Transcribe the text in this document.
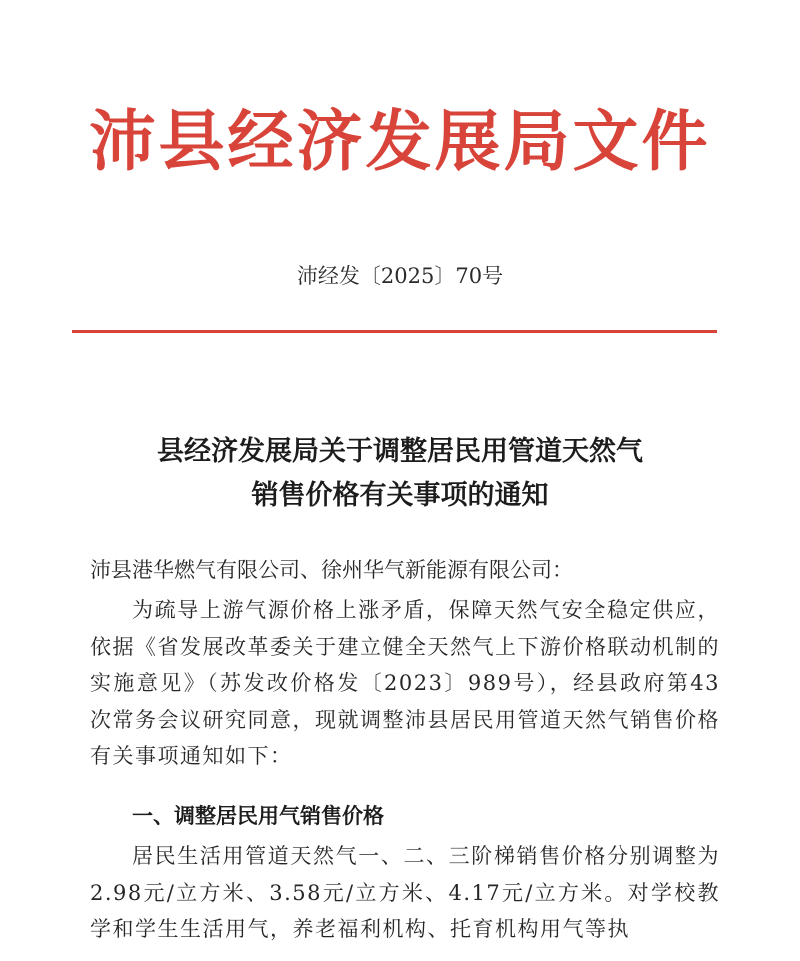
沛县经济发展局文件
沛经发〔2025〕70号
县经济发展局关于调整居民用管道天然气
销售价格有关事项的通知
沛县港华燃气有限公司、徐州华气新能源有限公司：
为疏导上游气源价格上涨矛盾，保障天然气安全稳定供应，依据《省发展改革委关于建立健全天然气上下游价格联动机制的实施意见》（苏发改价格发〔2023〕989号），经县政府第43次常务会议研究同意，现就调整沛县居民用管道天然气销售价格有关事项通知如下：
一、调整居民用气销售价格
居民生活用管道天然气一、二、三阶梯销售价格分别调整为2.98元/立方米、3.58元/立方米、4.17元/立方米。对学校教学和学生生活用气，养老福利机构、托育机构用气等执
